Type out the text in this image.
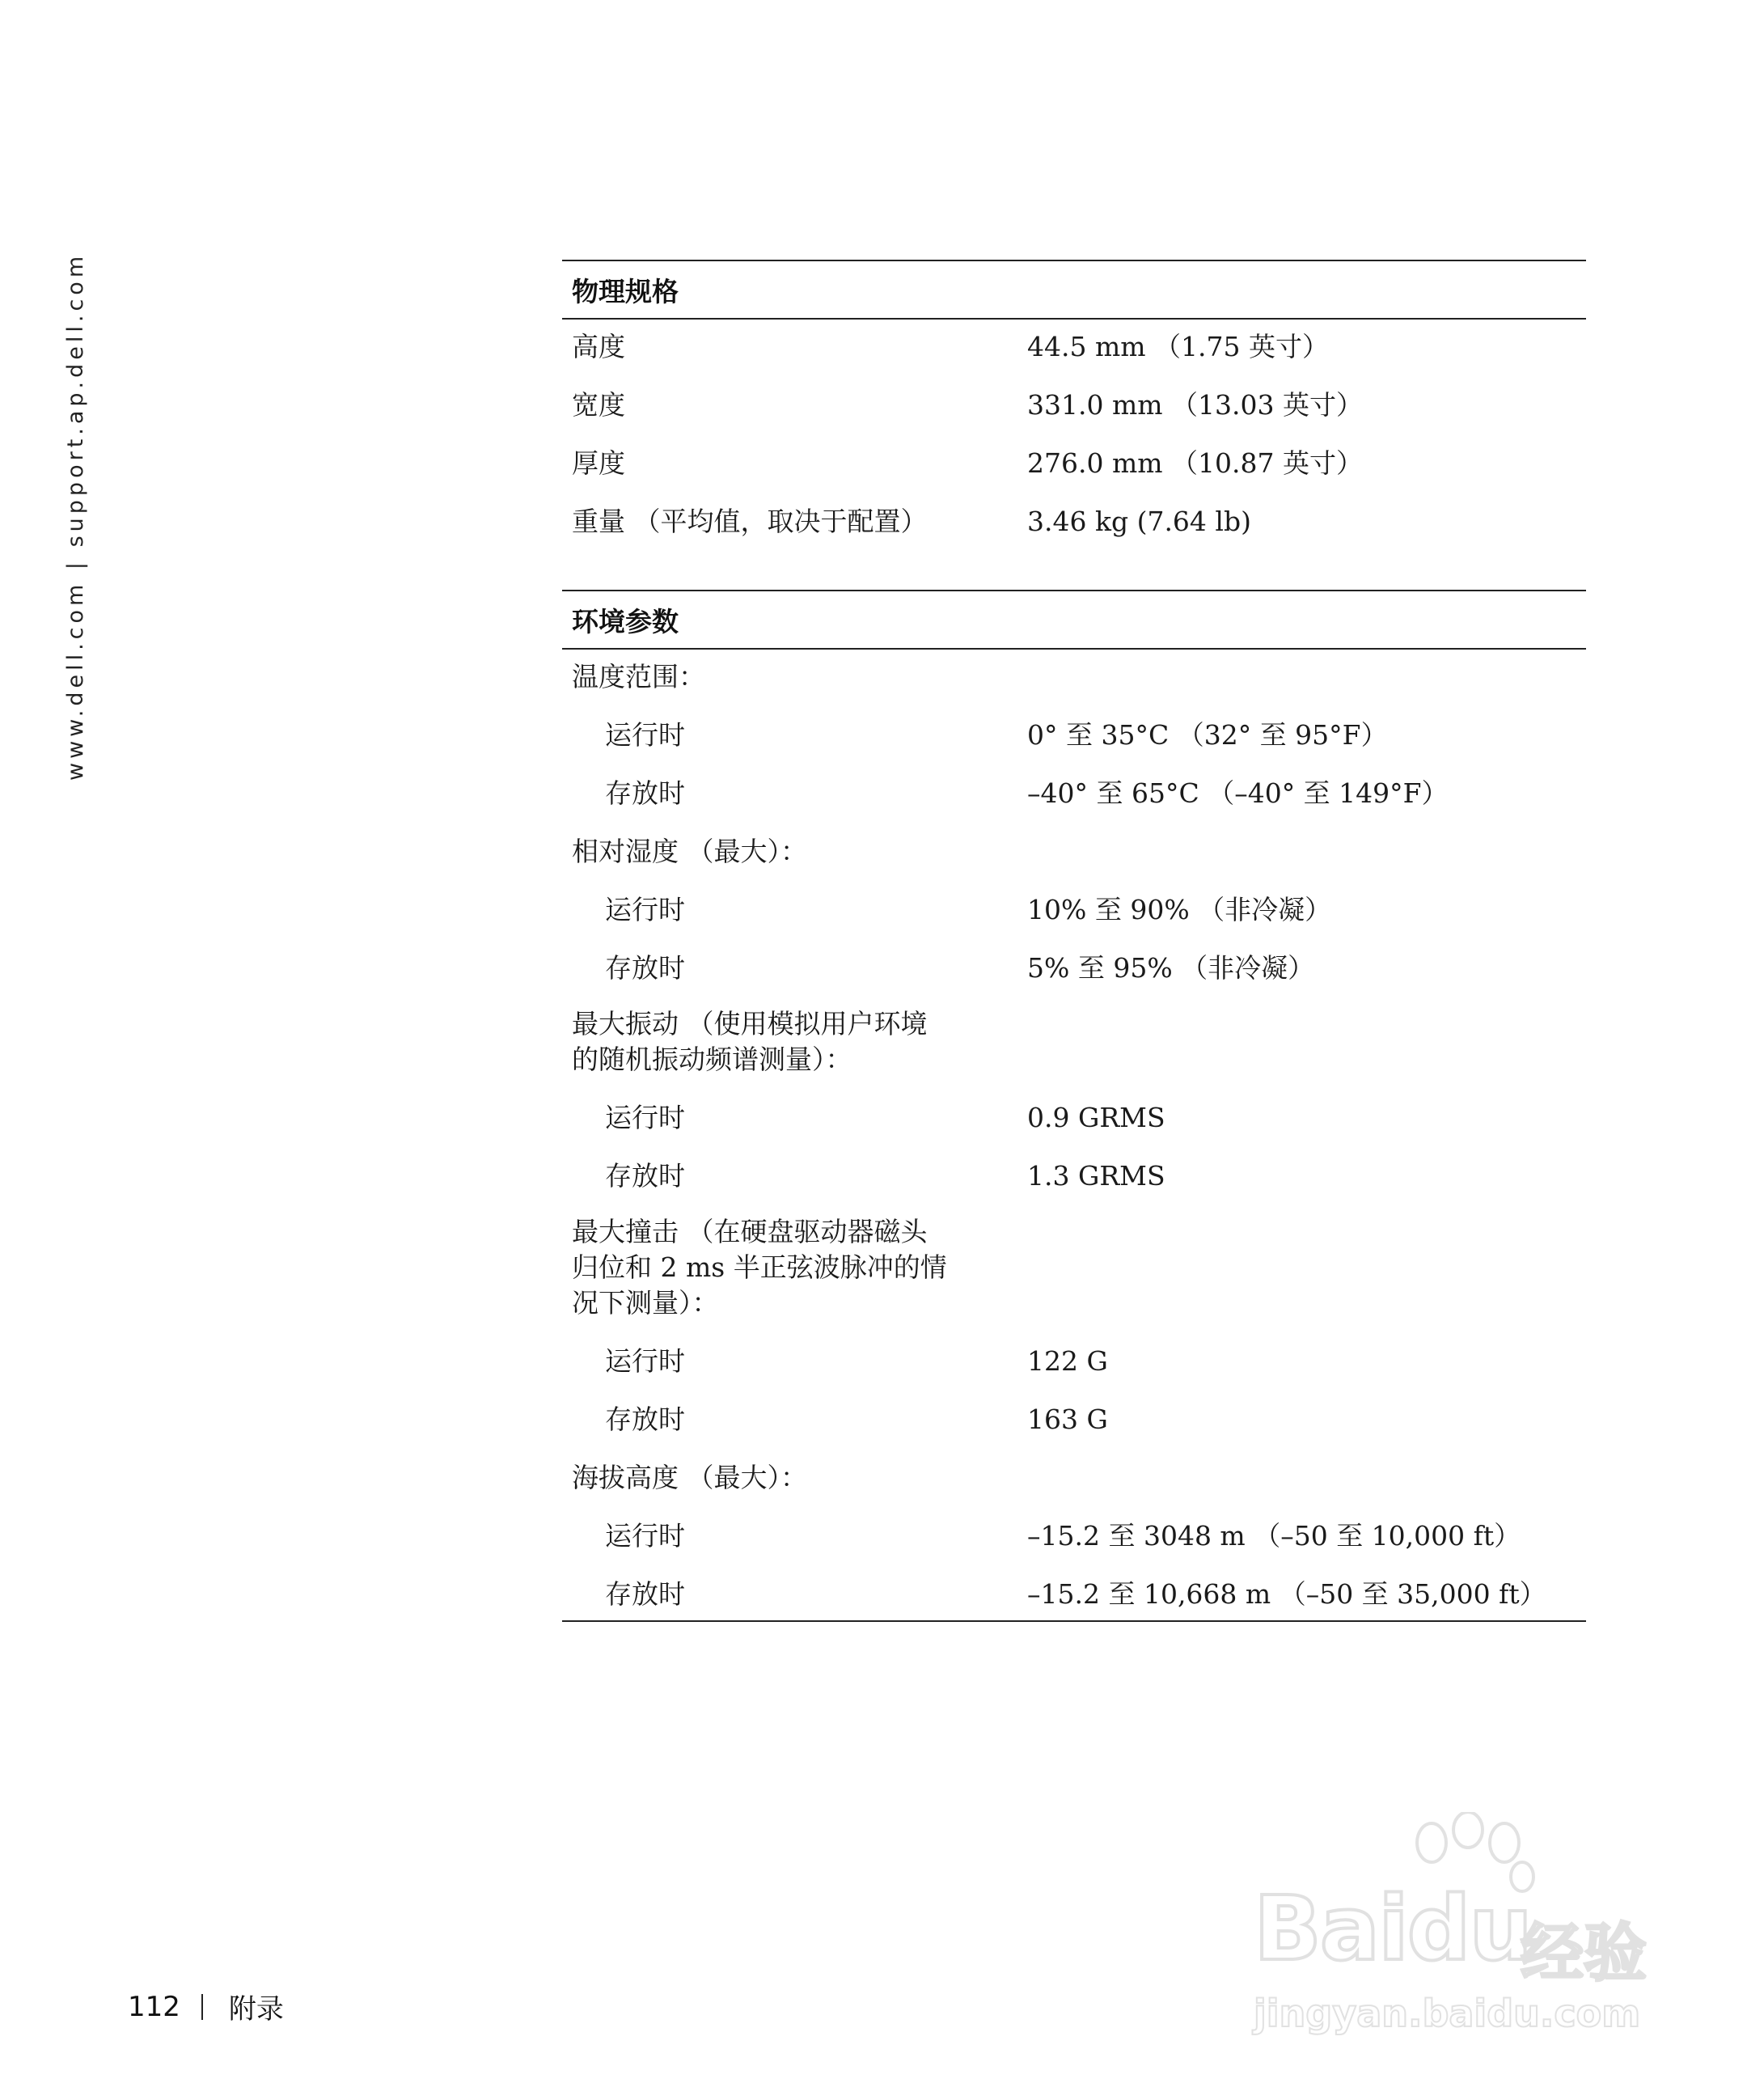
www.dell.com | support.ap.dell.com	物理规格
高度	44.5 mm （1.75 英寸）
宽度	331.0 mm （13.03 英寸）
厚度	276.0 mm （10.87 英寸）
重量 （平均值，取决于配置）	3.46 kg (7.64 lb)
环境参数
温度范围：
运行时	0° 至 35°C （32° 至 95°F）
存放时	–40° 至 65°C （–40° 至 149°F）
相对湿度 （最大）：
运行时	10% 至 90% （非冷凝）
存放时	5% 至 95% （非冷凝）
最大振动 （使用模拟用户环境
的随机振动频谱测量）：
运行时	0.9 GRMS
存放时	1.3 GRMS
最大撞击 （在硬盘驱动器磁头
归位和 2 ms 半正弦波脉冲的情
况下测量）：
运行时	122 G
存放时	163 G
海拔高度 （最大）：
运行时	–15.2 至 3048 m （–50 至 10,000 ft）
存放时	–15.2 至 10,668 m （–50 至 35,000 ft）
112 附录
Baidu
经验
jingyan.baidu.com
